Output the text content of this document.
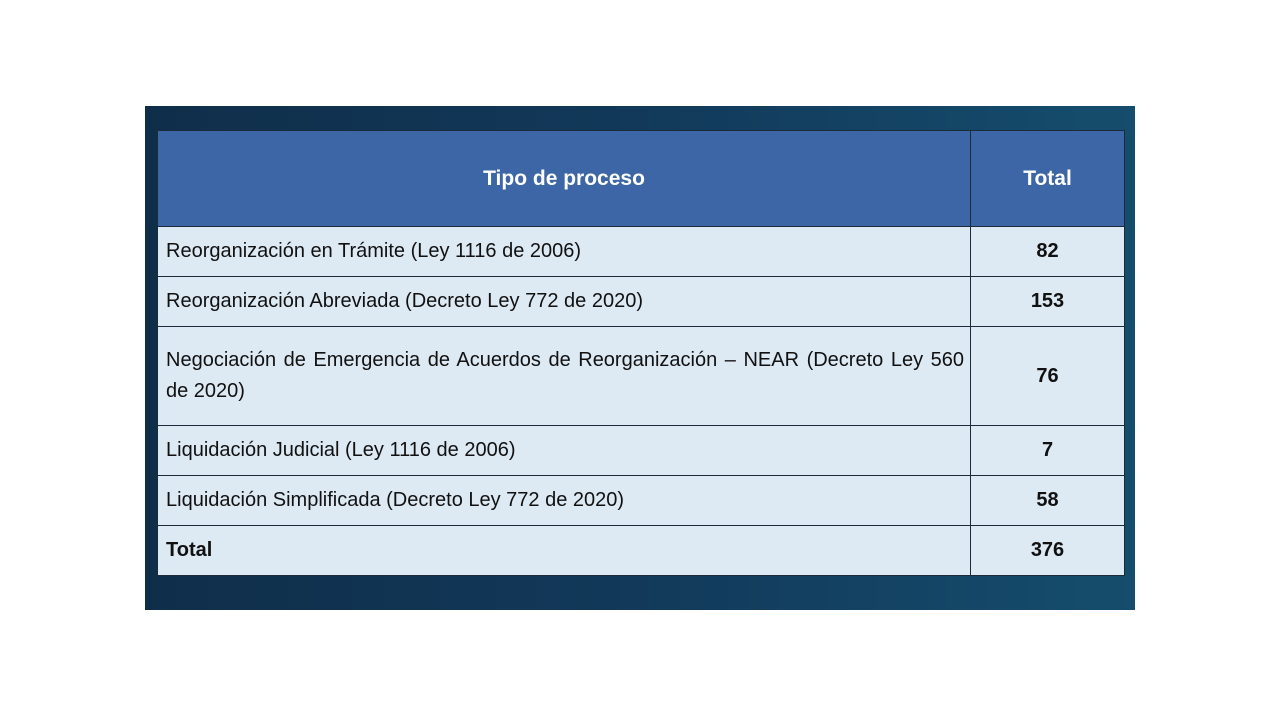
Tipo de proceso	Total
Reorganización en Trámite (Ley 1116 de 2006)	82
Reorganización Abreviada (Decreto Ley 772 de 2020)	153
Negociación de Emergencia de Acuerdos de Reorganización – NEAR (Decreto Ley 560 de 2020)	76
Liquidación Judicial (Ley 1116 de 2006)	7
Liquidación Simplificada (Decreto Ley 772 de 2020)	58
Total	376
